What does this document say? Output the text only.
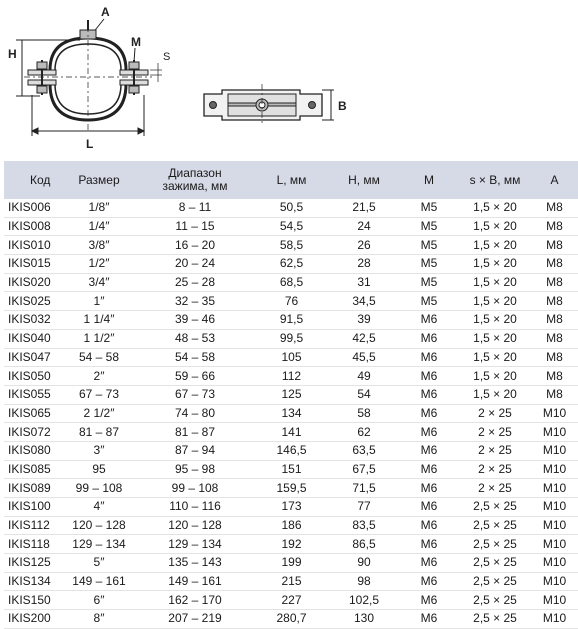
A
H
M
S
L
B
Код	Размер	Диапазон зажима, мм	L, мм	H, мм	M	s × B, мм	A
IKIS006	1/8″	8 – 11	50,5	21,5	M5	1,5 × 20	M8
IKIS008	1/4″	11 – 15	54,5	24	M5	1,5 × 20	M8
IKIS010	3/8″	16 – 20	58,5	26	M5	1,5 × 20	M8
IKIS015	1/2″	20 – 24	62,5	28	M5	1,5 × 20	M8
IKIS020	3/4″	25 – 28	68,5	31	M5	1,5 × 20	M8
IKIS025	1″	32 – 35	76	34,5	M5	1,5 × 20	M8
IKIS032	1 1/4″	39 – 46	91,5	39	M6	1,5 × 20	M8
IKIS040	1 1/2″	48 – 53	99,5	42,5	M6	1,5 × 20	M8
IKIS047	54 – 58	54 – 58	105	45,5	M6	1,5 × 20	M8
IKIS050	2″	59 – 66	112	49	M6	1,5 × 20	M8
IKIS055	67 – 73	67 – 73	125	54	M6	1,5 × 20	M8
IKIS065	2 1/2″	74 – 80	134	58	M6	2 × 25	M10
IKIS072	81 – 87	81 – 87	141	62	M6	2 × 25	M10
IKIS080	3″	87 – 94	146,5	63,5	M6	2 × 25	M10
IKIS085	95	95 – 98	151	67,5	M6	2 × 25	M10
IKIS089	99 – 108	99 – 108	159,5	71,5	M6	2 × 25	M10
IKIS100	4″	110 – 116	173	77	M6	2,5 × 25	M10
IKIS112	120 – 128	120 – 128	186	83,5	M6	2,5 × 25	M10
IKIS118	129 – 134	129 – 134	192	86,5	M6	2,5 × 25	M10
IKIS125	5″	135 – 143	199	90	M6	2,5 × 25	M10
IKIS134	149 – 161	149 – 161	215	98	M6	2,5 × 25	M10
IKIS150	6″	162 – 170	227	102,5	M6	2,5 × 25	M10
IKIS200	8″	207 – 219	280,7	130	M6	2,5 × 25	M10
